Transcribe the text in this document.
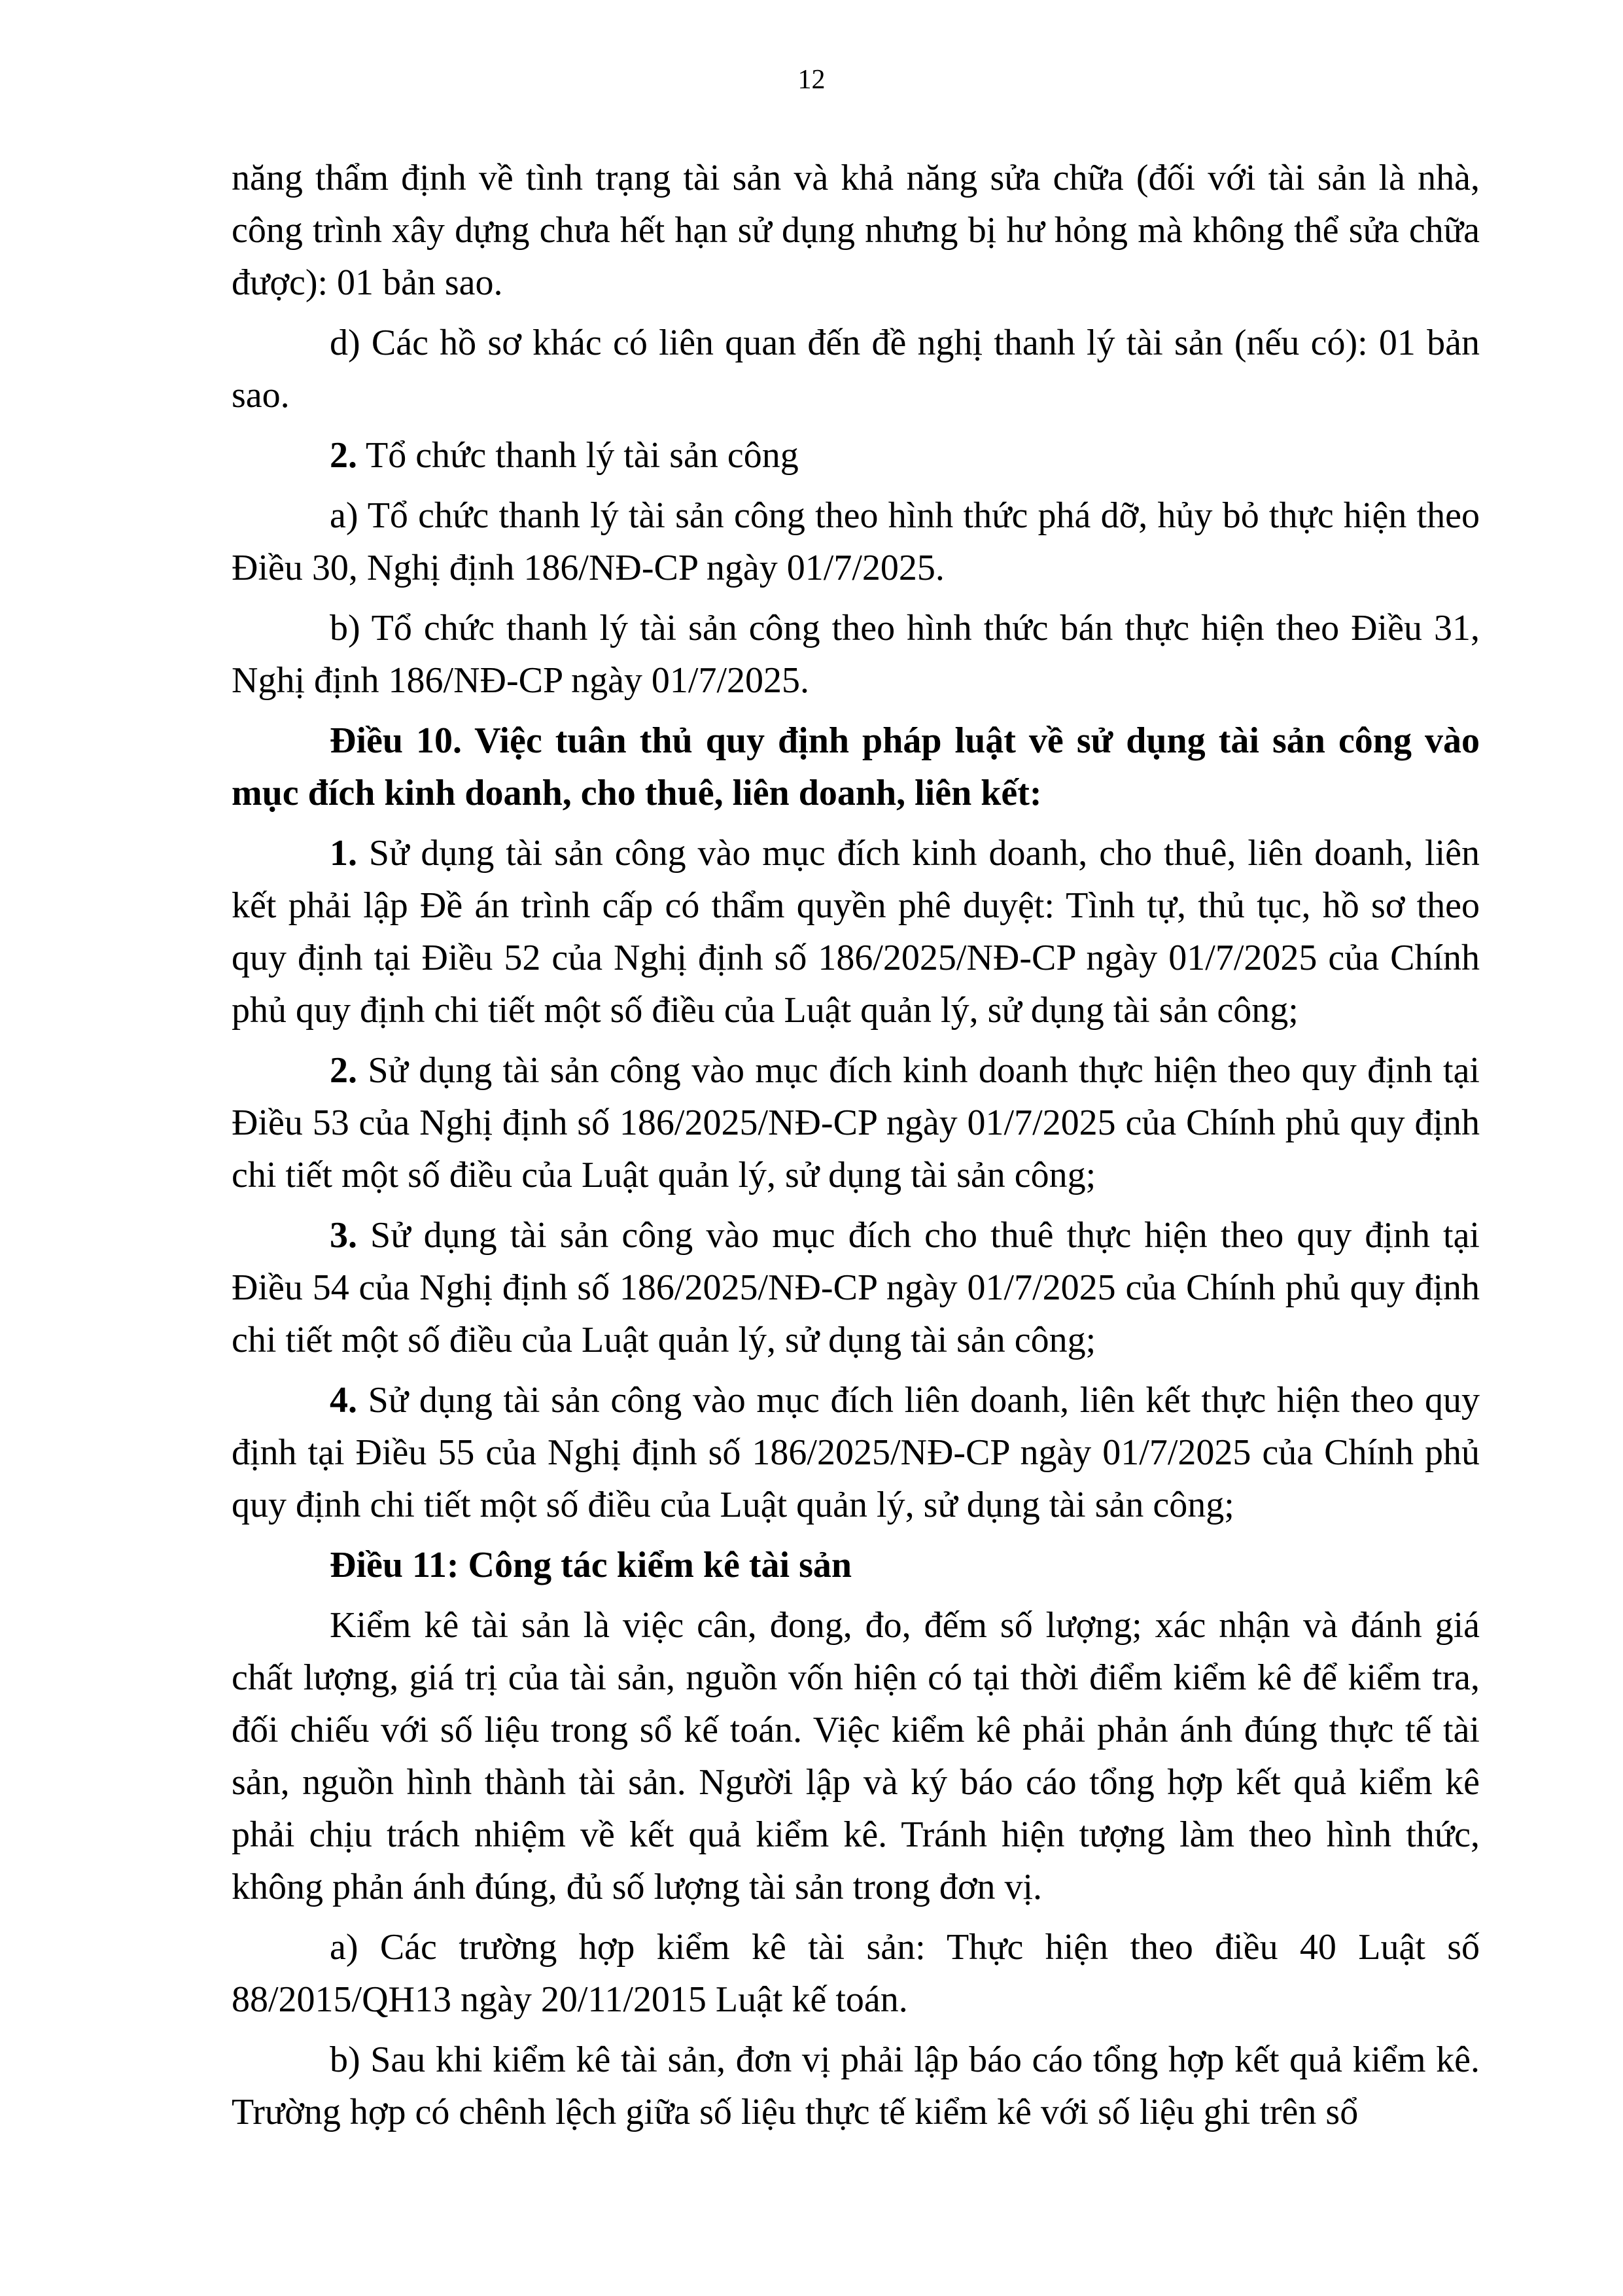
12

năng thẩm định về tình trạng tài sản và khả năng sửa chữa (đối với tài sản là nhà, công trình xây dựng chưa hết hạn sử dụng nhưng bị hư hỏng mà không thể sửa chữa được): 01 bản sao.

d) Các hồ sơ khác có liên quan đến đề nghị thanh lý tài sản (nếu có): 01 bản sao.

2. Tổ chức thanh lý tài sản công

a) Tổ chức thanh lý tài sản công theo hình thức phá dỡ, hủy bỏ thực hiện theo Điều 30, Nghị định 186/NĐ-CP ngày 01/7/2025.

b) Tổ chức thanh lý tài sản công theo hình thức bán thực hiện theo Điều 31, Nghị định 186/NĐ-CP ngày 01/7/2025.

Điều 10. Việc tuân thủ quy định pháp luật về sử dụng tài sản công vào mục đích kinh doanh, cho thuê, liên doanh, liên kết:

1. Sử dụng tài sản công vào mục đích kinh doanh, cho thuê, liên doanh, liên kết phải lập Đề án trình cấp có thẩm quyền phê duyệt: Tình tự, thủ tục, hồ sơ theo quy định tại Điều 52 của Nghị định số 186/2025/NĐ-CP ngày 01/7/2025 của Chính phủ quy định chi tiết một số điều của Luật quản lý, sử dụng tài sản công;

2. Sử dụng tài sản công vào mục đích kinh doanh thực hiện theo quy định tại Điều 53 của Nghị định số 186/2025/NĐ-CP ngày 01/7/2025 của Chính phủ quy định chi tiết một số điều của Luật quản lý, sử dụng tài sản công;

3. Sử dụng tài sản công vào mục đích cho thuê thực hiện theo quy định tại Điều 54 của Nghị định số 186/2025/NĐ-CP ngày 01/7/2025 của Chính phủ quy định chi tiết một số điều của Luật quản lý, sử dụng tài sản công;

4. Sử dụng tài sản công vào mục đích liên doanh, liên kết thực hiện theo quy định tại Điều 55 của Nghị định số 186/2025/NĐ-CP ngày 01/7/2025 của Chính phủ quy định chi tiết một số điều của Luật quản lý, sử dụng tài sản công;

Điều 11: Công tác kiểm kê tài sản

Kiểm kê tài sản là việc cân, đong, đo, đếm số lượng; xác nhận và đánh giá chất lượng, giá trị của tài sản, nguồn vốn hiện có tại thời điểm kiểm kê để kiểm tra, đối chiếu với số liệu trong sổ kế toán. Việc kiểm kê phải phản ánh đúng thực tế tài sản, nguồn hình thành tài sản. Người lập và ký báo cáo tổng hợp kết quả kiểm kê phải chịu trách nhiệm về kết quả kiểm kê. Tránh hiện tượng làm theo hình thức, không phản ánh đúng, đủ số lượng tài sản trong đơn vị.

a) Các trường hợp kiểm kê tài sản: Thực hiện theo điều 40 Luật số 88/2015/QH13 ngày 20/11/2015 Luật kế toán.

b) Sau khi kiểm kê tài sản, đơn vị phải lập báo cáo tổng hợp kết quả kiểm kê. Trường hợp có chênh lệch giữa số liệu thực tế kiểm kê với số liệu ghi trên sổ
